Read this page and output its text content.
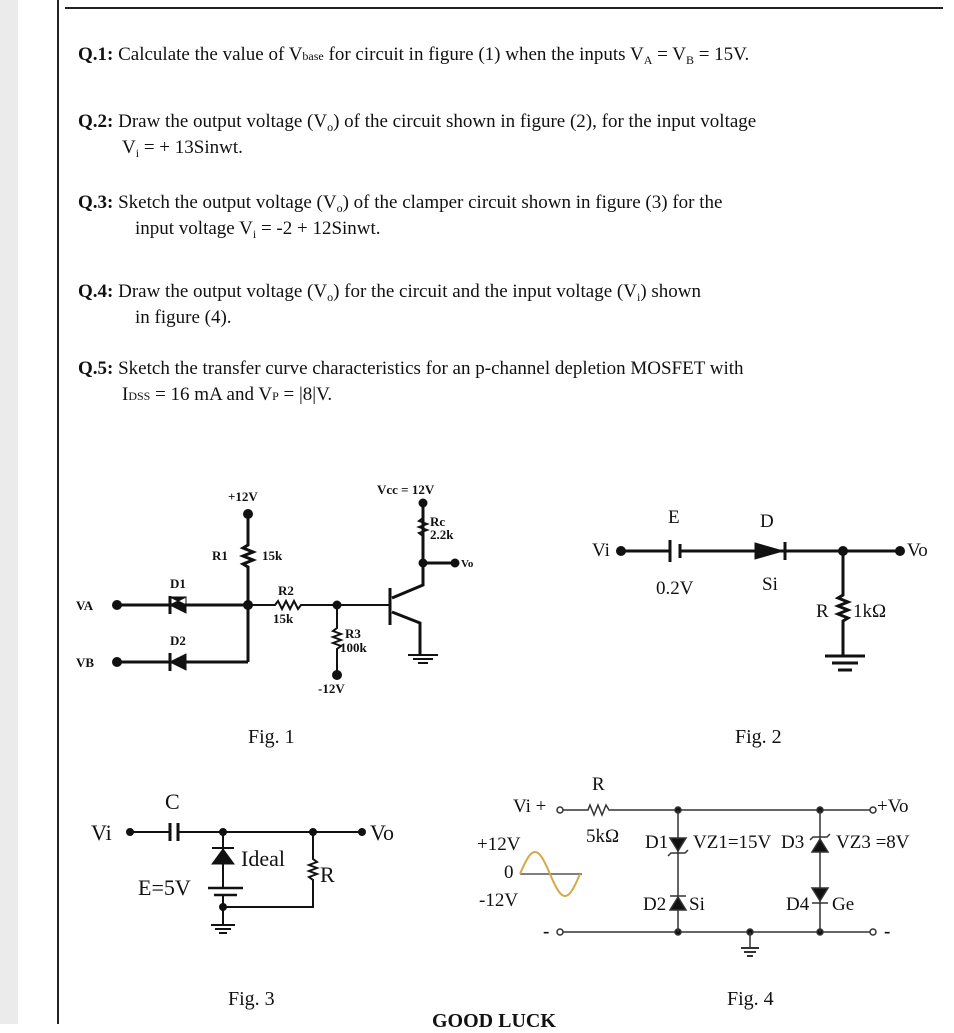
Q.1: Calculate the value of Vbase for circuit in figure (1) when the inputs $V_A = V_B = 15V$.
Q.2: Draw the output voltage $(V_o)$ of the circuit shown in figure (2), for the input voltage
$V_i$ = + 13Sinwt.
Q.3: Sketch the output voltage $(V_o)$ of the clamper circuit shown in figure (3) for the
input voltage $V_i = -2$ + 12Sinwt.
Q.4: Draw the output voltage $(V_o)$ for the circuit and the input voltage $(V_i)$ shown
in figure (4).
Q.5: Sketch the transfer curve characteristics for an p-channel depletion MOSFET with
IDSS = 16 mA and VP = |8|V.
+12V	Vcc = 12V
Rc
2.2k
Vo
R1	15k
R2
15k
R3
100k
-12V
VA
VB
D1
D2
Vi
E
0.2V
D
Si
Vo
R 1kΩ
Vi
C
Ideal
E=5V
R
Vo
Vi +
R
5kΩ
+Vo
+12V
0
-12V
D1 VZ1=15V
D2 Si
D3 VZ3 =8V
D4 Ge
-	-
Fig. 1	Fig. 2
Fig. 3	Fig. 4
GOOD LUCK
